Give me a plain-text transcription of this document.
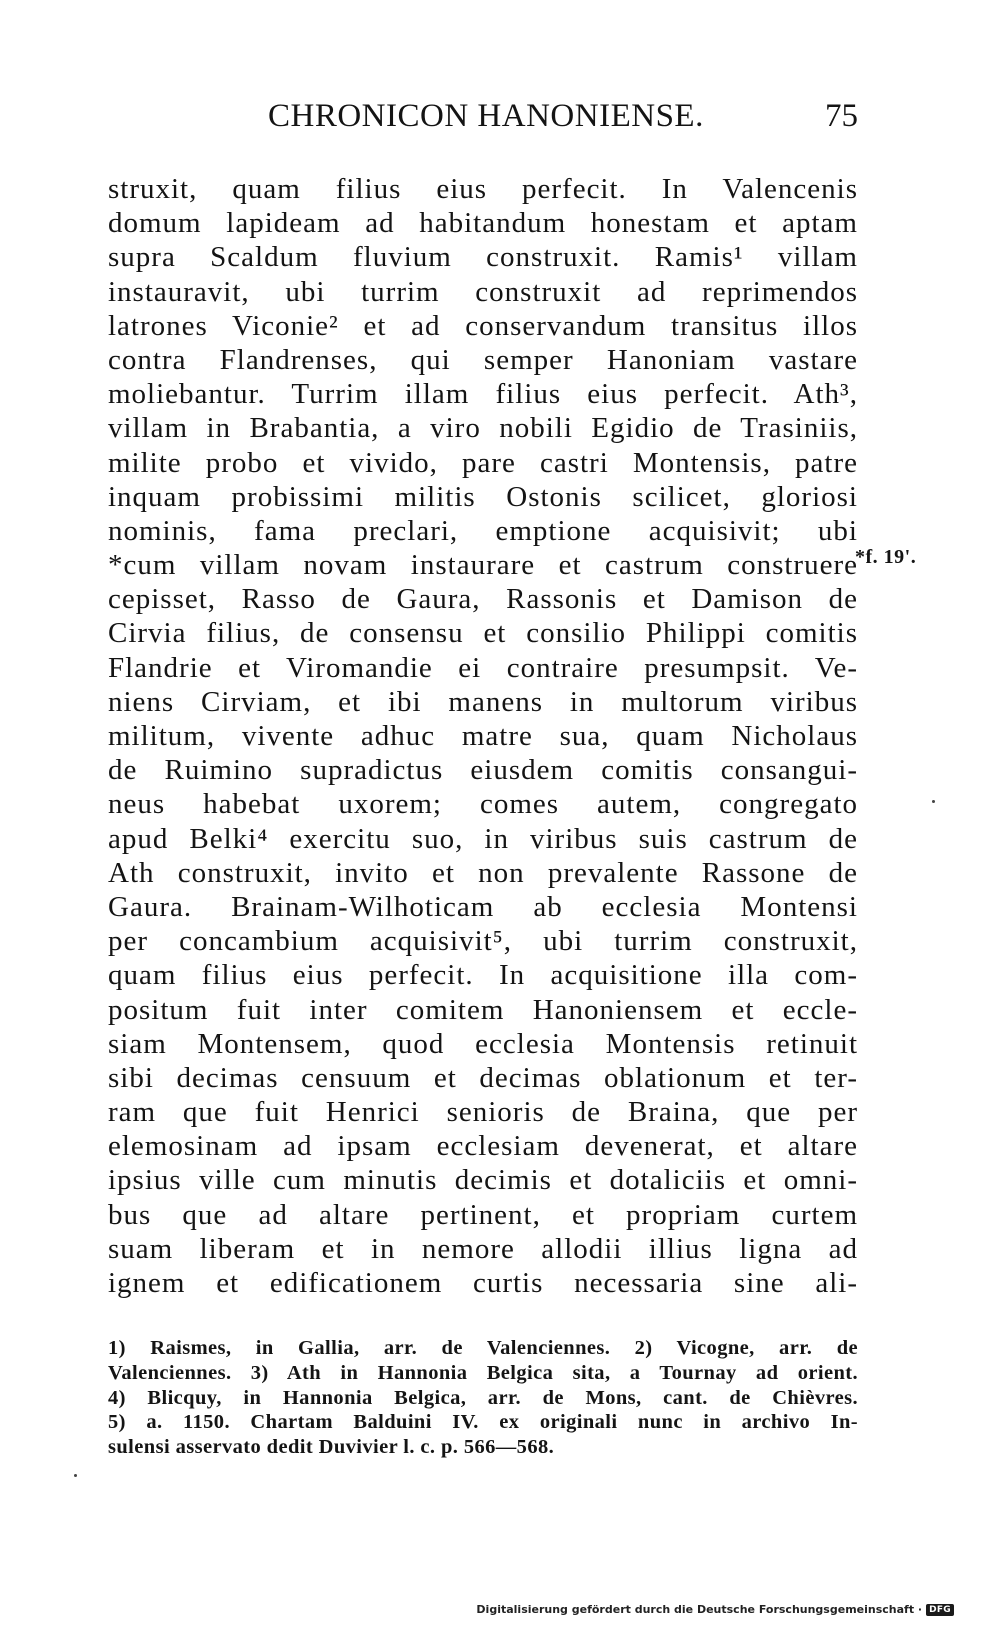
CHRONICON HANONIENSE.	75
struxit, quam filius eius perfecit. In Valencenis
domum lapideam ad habitandum honestam et aptam
supra Scaldum fluvium construxit. Ramis¹ villam
instauravit, ubi turrim construxit ad reprimendos
latrones Viconie² et ad conservandum transitus illos
contra Flandrenses, qui semper Hanoniam vastare
moliebantur. Turrim illam filius eius perfecit. Ath³,
villam in Brabantia, a viro nobili Egidio de Trasiniis,
milite probo et vivido, pare castri Montensis, patre
inquam probissimi militis Ostonis scilicet, gloriosi
nominis, fama preclari, emptione acquisivit; ubi
*cum villam novam instaurare et castrum construere
cepisset, Rasso de Gaura, Rassonis et Damison de
Cirvia filius, de consensu et consilio Philippi comitis
Flandrie et Viromandie ei contraire presumpsit. Ve-
niens Cirviam, et ibi manens in multorum viribus
militum, vivente adhuc matre sua, quam Nicholaus
de Ruimino supradictus eiusdem comitis consangui-
neus habebat uxorem; comes autem, congregato
apud Belki⁴ exercitu suo, in viribus suis castrum de
Ath construxit, invito et non prevalente Rassone de
Gaura. Brainam-Wilhoticam ab ecclesia Montensi
per concambium acquisivit⁵, ubi turrim construxit,
quam filius eius perfecit. In acquisitione illa com-
positum fuit inter comitem Hanoniensem et eccle-
siam Montensem, quod ecclesia Montensis retinuit
sibi decimas censuum et decimas oblationum et ter-
ram que fuit Henrici senioris de Braina, que per
elemosinam ad ipsam ecclesiam devenerat, et altare
ipsius ville cum minutis decimis et dotaliciis et omni-
bus que ad altare pertinent, et propriam curtem
suam liberam et in nemore allodii illius ligna ad
ignem et edificationem curtis necessaria sine ali-
*f. 19'.
1) Raismes, in Gallia, arr. de Valenciennes. 2) Vicogne, arr. de
Valenciennes. 3) Ath in Hannonia Belgica sita, a Tournay ad orient.
4) Blicquy, in Hannonia Belgica, arr. de Mons, cant. de Chièvres.
5) a. 1150. Chartam Balduini IV. ex originali nunc in archivo In-
sulensi asservato dedit Duvivier l. c. p. 566—568.
Digitalisierung gefördert durch die Deutsche Forschungsgemeinschaft · DFG
